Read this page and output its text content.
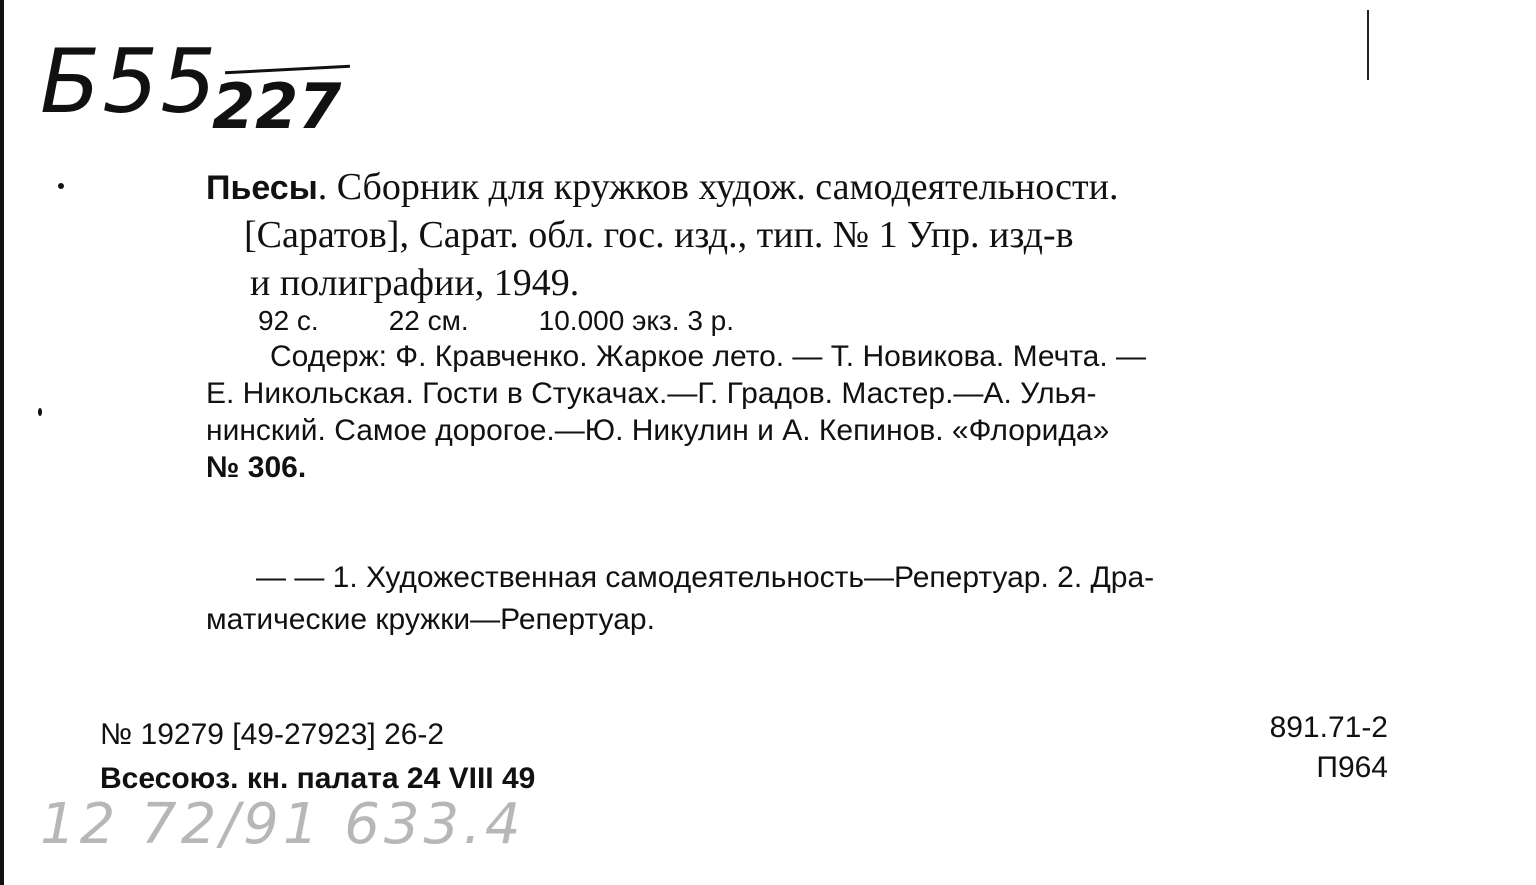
Б55
227
Пьесы. Сборник для кружков худож. самодеятельности.
[Саратов], Сарат. обл. гос. изд., тип. № 1 Упр. изд-в
и полиграфии, 1949.
92 с.	22 см.	10.000 экз. 3 р.
Содерж: Ф. Кравченко. Жаркое лето. — Т. Новикова. Мечта. —
Е. Никольская. Гости в Стукачах.—Г. Градов. Мастер.—А. Улья-
нинский. Самое дорогое.—Ю. Никулин и А. Кепинов. «Флорида»
№ 306.
— — 1. Художественная самодеятельность—Репертуар. 2. Дра-
матические кружки—Репертуар.
№ 19279 [49-27923] 26-2
Всесоюз. кн. палата 24 VIII 49
891.71-2
П964
12 72/91 633.4
